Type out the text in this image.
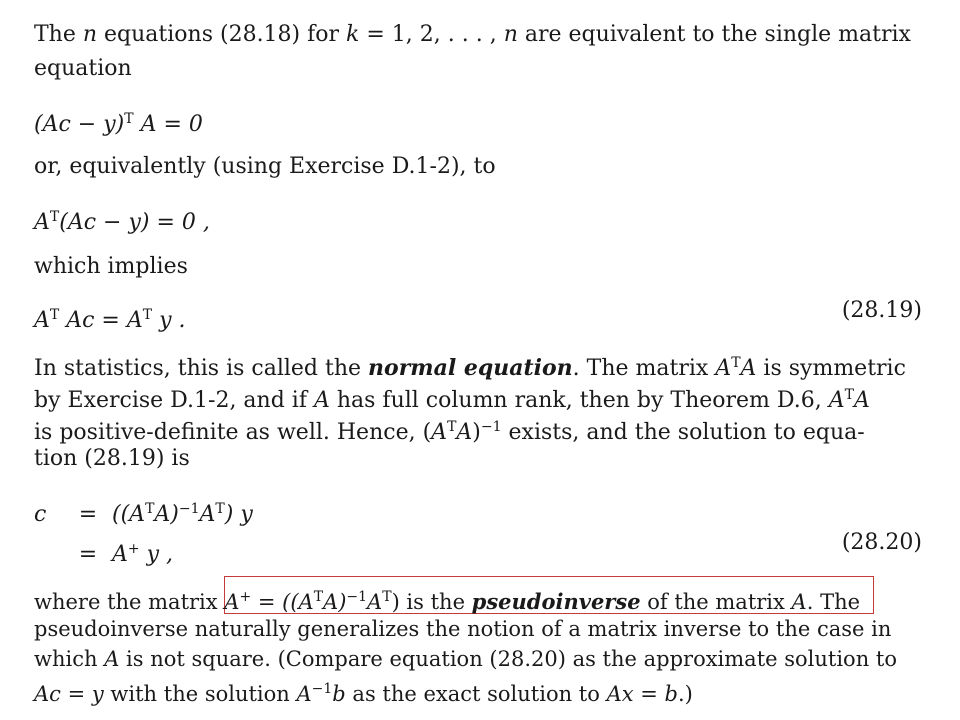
The n equations (28.18) for k = 1, 2, . . . , n are equivalent to the single matrix
equation
$(Ac - y)^T$ A = 0
or, equivalently (using Exercise D.1-2), to
$A^T(Ac - y) = 0$ ,
which implies
$A^T$ $Ac = A^T$ y .	(28.19)
In statistics, this is called the normal equation. The matrix $A^TA$ is symmetric
by Exercise D.1-2, and if A has full column rank, then by Theorem D.6, $A^TA$
is positive-definite as well. Hence, $(A^TA)^{-1}$ exists, and the solution to equa-
tion (28.19) is
$c = ((A^TA)^{-1}A^T)$ y
= A+ y ,	(28.20)
where the matrix $A^+ = ((A^TA)^{-1}A^T)$ is the pseudoinverse of the matrix A. The
pseudoinverse naturally generalizes the notion of a matrix inverse to the case in
which A is not square. (Compare equation (28.20) as the approximate solution to
Ac = y with the solution $A^{-1}b$ as the exact solution to Ax = b.)
